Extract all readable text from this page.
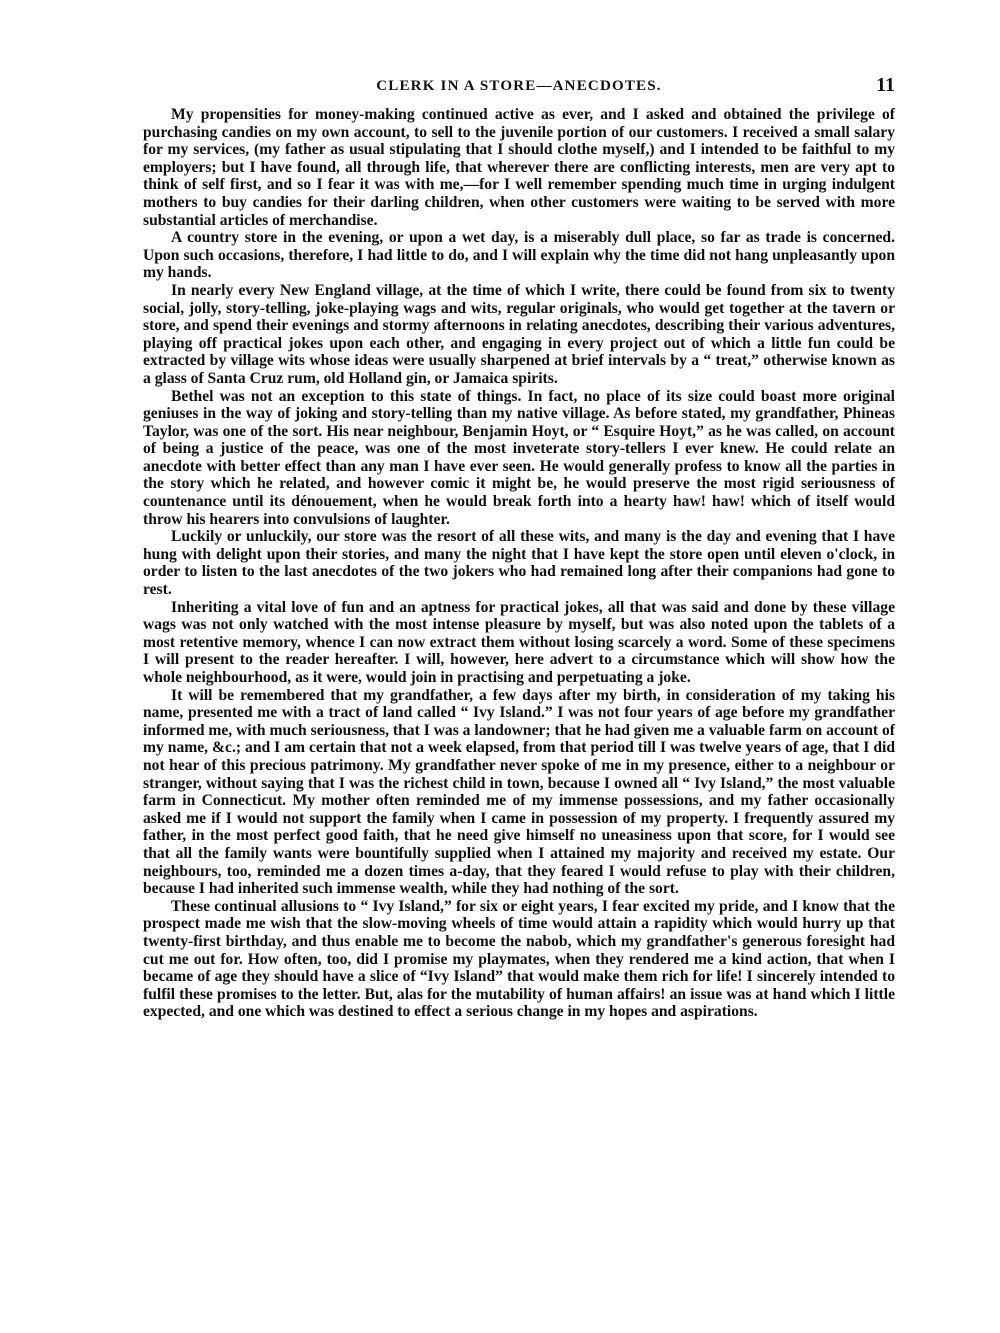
CLERK IN A STORE—ANECDOTES.	11

My propensities for money-making continued active as ever, and I asked and obtained the privilege of purchasing candies on my own account, to sell to the juvenile portion of our customers. I received a small salary for my services, (my father as usual stipulating that I should clothe myself,) and I intended to be faithful to my employers; but I have found, all through life, that wherever there are conflicting interests, men are very apt to think of self first, and so I fear it was with me,—for I well remember spending much time in urging indulgent mothers to buy candies for their darling children, when other customers were waiting to be served with more substantial articles of merchandise.

A country store in the evening, or upon a wet day, is a miserably dull place, so far as trade is concerned. Upon such occasions, therefore, I had little to do, and I will explain why the time did not hang unpleasantly upon my hands.

In nearly every New England village, at the time of which I write, there could be found from six to twenty social, jolly, story-telling, joke-playing wags and wits, regular originals, who would get together at the tavern or store, and spend their evenings and stormy afternoons in relating anecdotes, describing their various adventures, playing off practical jokes upon each other, and engaging in every project out of which a little fun could be extracted by village wits whose ideas were usually sharpened at brief intervals by a “ treat,” otherwise known as a glass of Santa Cruz rum, old Holland gin, or Jamaica spirits.

Bethel was not an exception to this state of things. In fact, no place of its size could boast more original geniuses in the way of joking and story-telling than my native village. As before stated, my grandfather, Phineas Taylor, was one of the sort. His near neighbour, Benjamin Hoyt, or “ Esquire Hoyt,” as he was called, on account of being a justice of the peace, was one of the most inveterate story-tellers I ever knew. He could relate an anecdote with better effect than any man I have ever seen. He would generally profess to know all the parties in the story which he related, and however comic it might be, he would preserve the most rigid seriousness of countenance until its dénouement, when he would break forth into a hearty haw! haw! which of itself would throw his hearers into convulsions of laughter.

Luckily or unluckily, our store was the resort of all these wits, and many is the day and evening that I have hung with delight upon their stories, and many the night that I have kept the store open until eleven o'clock, in order to listen to the last anecdotes of the two jokers who had remained long after their companions had gone to rest.

Inheriting a vital love of fun and an aptness for practical jokes, all that was said and done by these village wags was not only watched with the most intense pleasure by myself, but was also noted upon the tablets of a most retentive memory, whence I can now extract them without losing scarcely a word. Some of these specimens I will present to the reader hereafter. I will, however, here advert to a circumstance which will show how the whole neighbourhood, as it were, would join in practising and perpetuating a joke.

It will be remembered that my grandfather, a few days after my birth, in consideration of my taking his name, presented me with a tract of land called “ Ivy Island.” I was not four years of age before my grandfather informed me, with much seriousness, that I was a landowner; that he had given me a valuable farm on account of my name, &c.; and I am certain that not a week elapsed, from that period till I was twelve years of age, that I did not hear of this precious patrimony. My grandfather never spoke of me in my presence, either to a neighbour or stranger, without saying that I was the richest child in town, because I owned all “ Ivy Island,” the most valuable farm in Connecticut. My mother often reminded me of my immense possessions, and my father occasionally asked me if I would not support the family when I came in possession of my property. I frequently assured my father, in the most perfect good faith, that he need give himself no uneasiness upon that score, for I would see that all the family wants were bountifully supplied when I attained my majority and received my estate. Our neighbours, too, reminded me a dozen times a-day, that they feared I would refuse to play with their children, because I had inherited such immense wealth, while they had nothing of the sort.

These continual allusions to “ Ivy Island,” for six or eight years, I fear excited my pride, and I know that the prospect made me wish that the slow-moving wheels of time would attain a rapidity which would hurry up that twenty-first birthday, and thus enable me to become the nabob, which my grandfather's generous foresight had cut me out for. How often, too, did I promise my playmates, when they rendered me a kind action, that when I became of age they should have a slice of “Ivy Island” that would make them rich for life! I sincerely intended to fulfil these promises to the letter. But, alas for the mutability of human affairs! an issue was at hand which I little expected, and one which was destined to effect a serious change in my hopes and aspirations.
